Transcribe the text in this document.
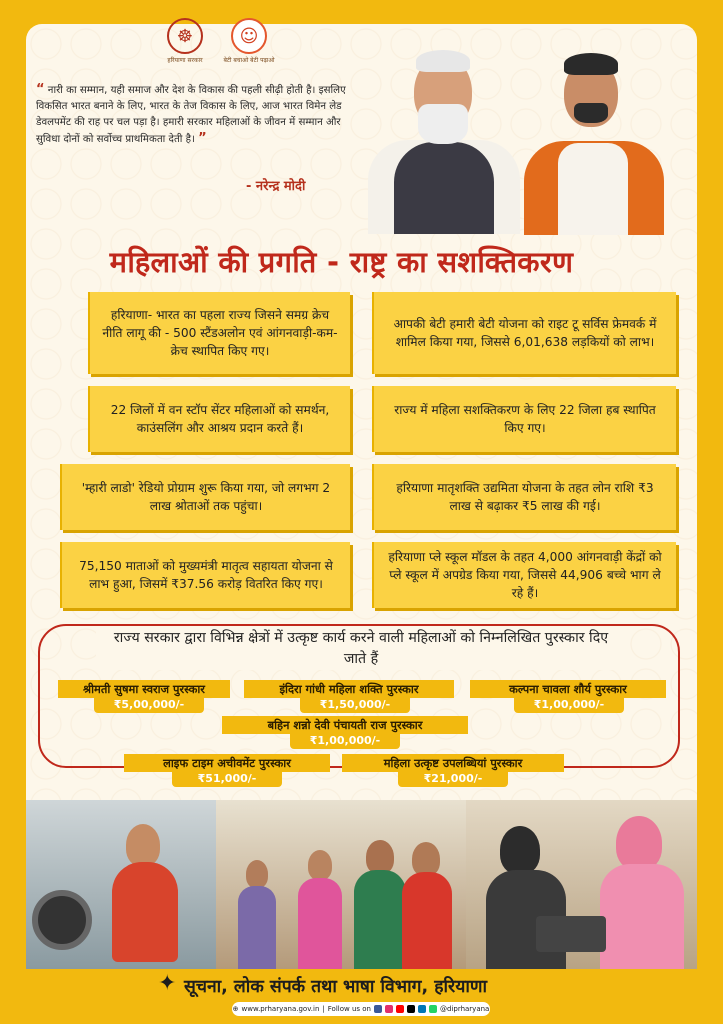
☸
हरियाणा सरकार
☺
बेटी बचाओ बेटी पढ़ाओ
“ नारी का सम्मान, यही समाज और देश के विकास की पहली सीढ़ी होती है। इसलिए विकसित भारत बनाने के लिए, भारत के तेज विकास के लिए, आज भारत विमेन लेड डेवलपमेंट की राह पर चल पड़ा है। हमारी सरकार महिलाओं के जीवन में सम्मान और सुविधा दोनों को सर्वोच्च प्राथमिकता देती है। ”
- नरेन्द्र मोदी
महिलाओं की प्रगति - राष्ट्र का सशक्तिकरण
हरियाणा- भारत का पहला राज्य जिसने समग्र क्रेच नीति लागू की - 500 स्टैंडअलोन एवं आंगनवाड़ी-कम-क्रेच स्थापित किए गए।
आपकी बेटी हमारी बेटी योजना को राइट टू सर्विस फ्रेमवर्क में शामिल किया गया, जिससे 6,01,638 लड़कियों को लाभ।
22 जिलों में वन स्टॉप सेंटर महिलाओं को समर्थन, काउंसलिंग और आश्रय प्रदान करते हैं।
राज्य में महिला सशक्तिकरण के लिए 22 जिला हब स्थापित किए गए।
'म्हारी लाडो' रेडियो प्रोग्राम शुरू किया गया, जो लगभग 2 लाख श्रोताओं तक पहुंचा।
हरियाणा मातृशक्ति उद्यमिता योजना के तहत लोन राशि ₹3 लाख से बढ़ाकर ₹5 लाख की गई।
75,150 माताओं को मुख्यमंत्री मातृत्व सहायता योजना से लाभ हुआ, जिसमें ₹37.56 करोड़ वितरित किए गए।
हरियाणा प्ले स्कूल मॉडल के तहत 4,000 आंगनवाड़ी केंद्रों को प्ले स्कूल में अपग्रेड किया गया, जिससे 44,906 बच्चे भाग ले रहे हैं।
राज्य सरकार द्वारा विभिन्न क्षेत्रों में उत्कृष्ट कार्य करने वाली महिलाओं को निम्नलिखित पुरस्कार दिए जाते हैं
श्रीमती सुषमा स्वराज पुरस्कार
₹5,00,000/-
इंदिरा गांधी महिला शक्ति पुरस्कार
₹1,50,000/-
कल्पना चावला शौर्य पुरस्कार
₹1,00,000/-
बहिन शन्नो देवी पंचायती राज पुरस्कार
₹1,00,000/-
लाइफ टाइम अचीवमेंट पुरस्कार
₹51,000/-
महिला उत्कृष्ट उपलब्धियां पुरस्कार
₹21,000/-
✦ सूचना, लोक संपर्क तथा भाषा विभाग, हरियाणा
⊕ www.prharyana.gov.in | Follow us on	@diprharyana
